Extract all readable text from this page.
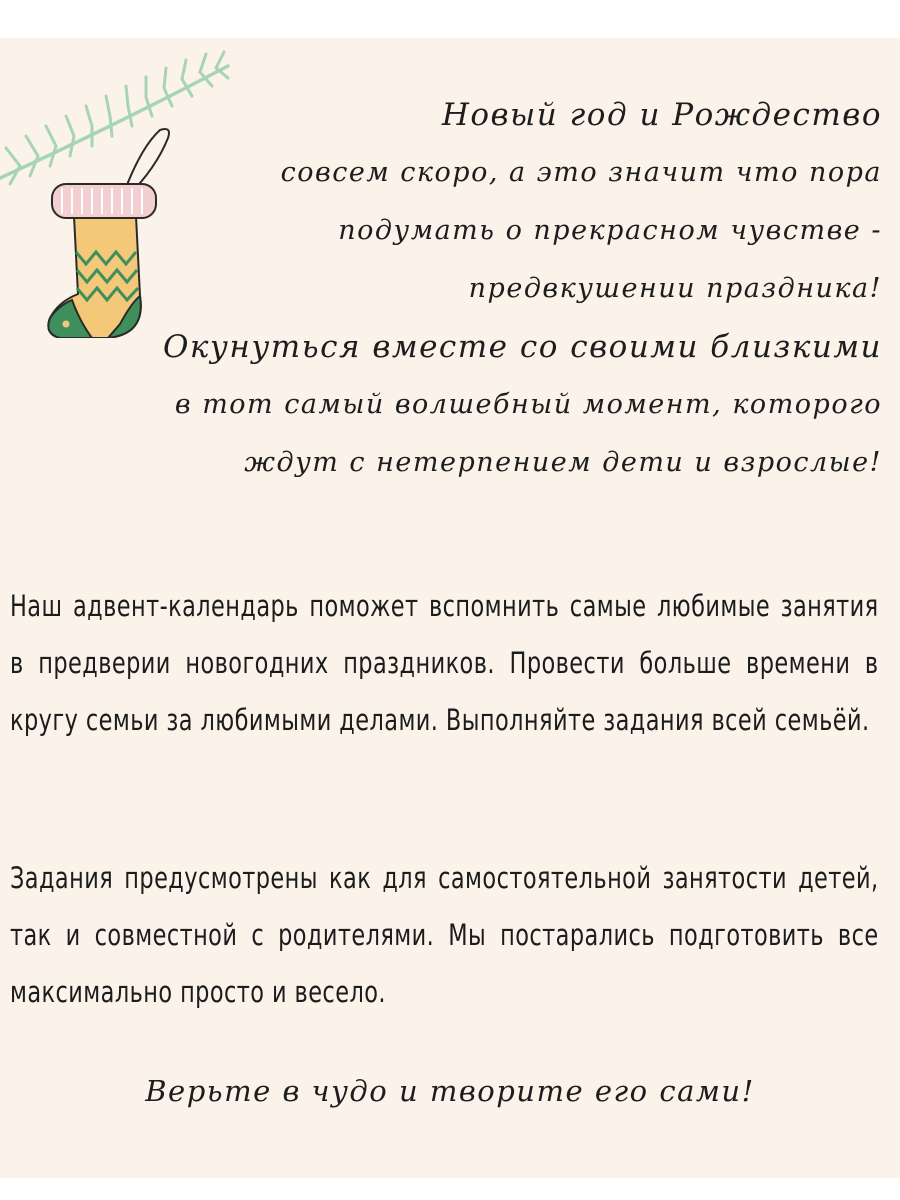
Новый год и Рождество
совсем скоро, а это значит что пора
подумать о прекрасном чувстве -
предвкушении праздника!
Окунуться вместе со своими близкими
в тот самый волшебный момент, которого
ждут с нетерпением дети и взрослые!
Наш адвент-календарь поможет вспомнить самые любимые занятия в предверии новогодних праздников. Провести больше времени в кругу семьи за любимыми делами. Выполняйте задания всей семьёй.
Задания предусмотрены как для самостоятельной занятости детей, так и совместной с родителями. Мы постарались подготовить все максимально просто и весело.
Верьте в чудо и творите его сами!
